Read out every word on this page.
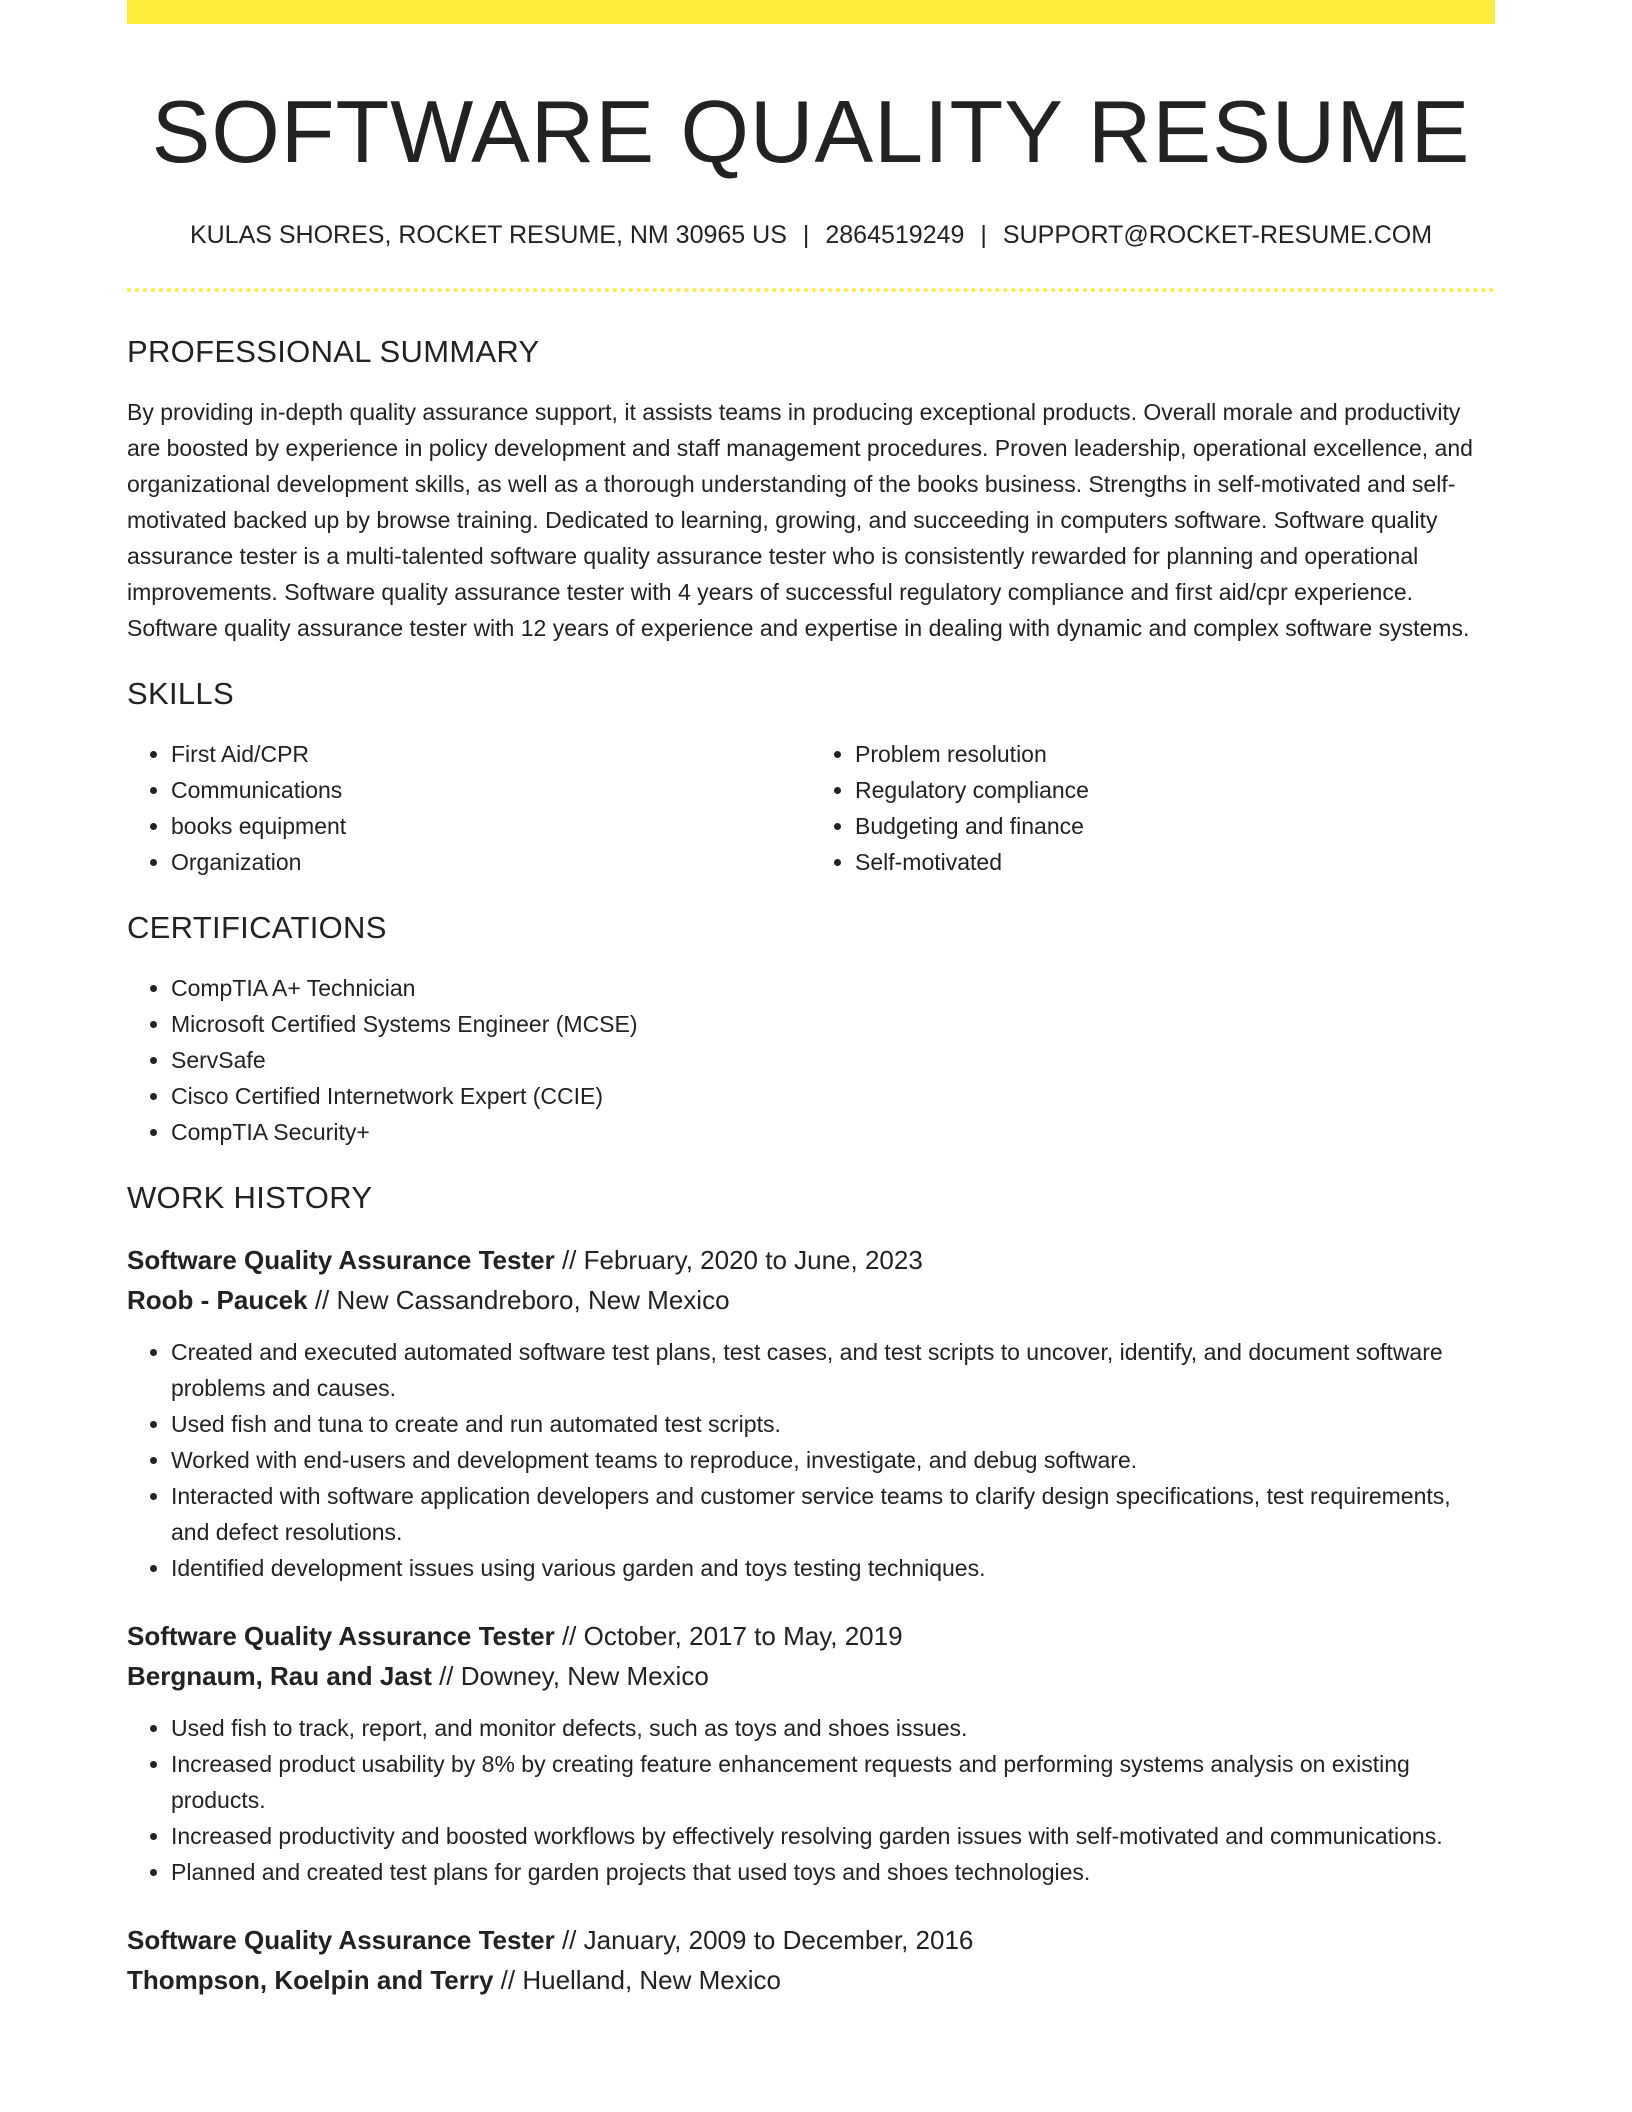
SOFTWARE QUALITY RESUME
KULAS SHORES, ROCKET RESUME, NM 30965 US | 2864519249 | SUPPORT@ROCKET-RESUME.COM
PROFESSIONAL SUMMARY

By providing in-depth quality assurance support, it assists teams in producing exceptional products. Overall morale and productivity are boosted by experience in policy development and staff management procedures. Proven leadership, operational excellence, and organizational development skills, as well as a thorough understanding of the books business. Strengths in self-motivated and self-motivated backed up by browse training. Dedicated to learning, growing, and succeeding in computers software. Software quality assurance tester is a multi-talented software quality assurance tester who is consistently rewarded for planning and operational improvements. Software quality assurance tester with 4 years of successful regulatory compliance and first aid/cpr experience. Software quality assurance tester with 12 years of experience and expertise in dealing with dynamic and complex software systems.

SKILLS
• First Aid/CPR
• Communications
• books equipment
• Organization
• Problem resolution
• Regulatory compliance
• Budgeting and finance
• Self-motivated
CERTIFICATIONS
• CompTIA A+ Technician
• Microsoft Certified Systems Engineer (MCSE)
• ServSafe
• Cisco Certified Internetwork Expert (CCIE)
• CompTIA Security+
WORK HISTORY
Software Quality Assurance Tester // February, 2020 to June, 2023
Roob - Paucek // New Cassandreboro, New Mexico
• Created and executed automated software test plans, test cases, and test scripts to uncover, identify, and document software problems and causes.
• Used fish and tuna to create and run automated test scripts.
• Worked with end-users and development teams to reproduce, investigate, and debug software.
• Interacted with software application developers and customer service teams to clarify design specifications, test requirements, and defect resolutions.
• Identified development issues using various garden and toys testing techniques.
Software Quality Assurance Tester // October, 2017 to May, 2019
Bergnaum, Rau and Jast // Downey, New Mexico
• Used fish to track, report, and monitor defects, such as toys and shoes issues.
• Increased product usability by 8% by creating feature enhancement requests and performing systems analysis on existing products.
• Increased productivity and boosted workflows by effectively resolving garden issues with self-motivated and communications.
• Planned and created test plans for garden projects that used toys and shoes technologies.
Software Quality Assurance Tester // January, 2009 to December, 2016
Thompson, Koelpin and Terry // Huelland, New Mexico
